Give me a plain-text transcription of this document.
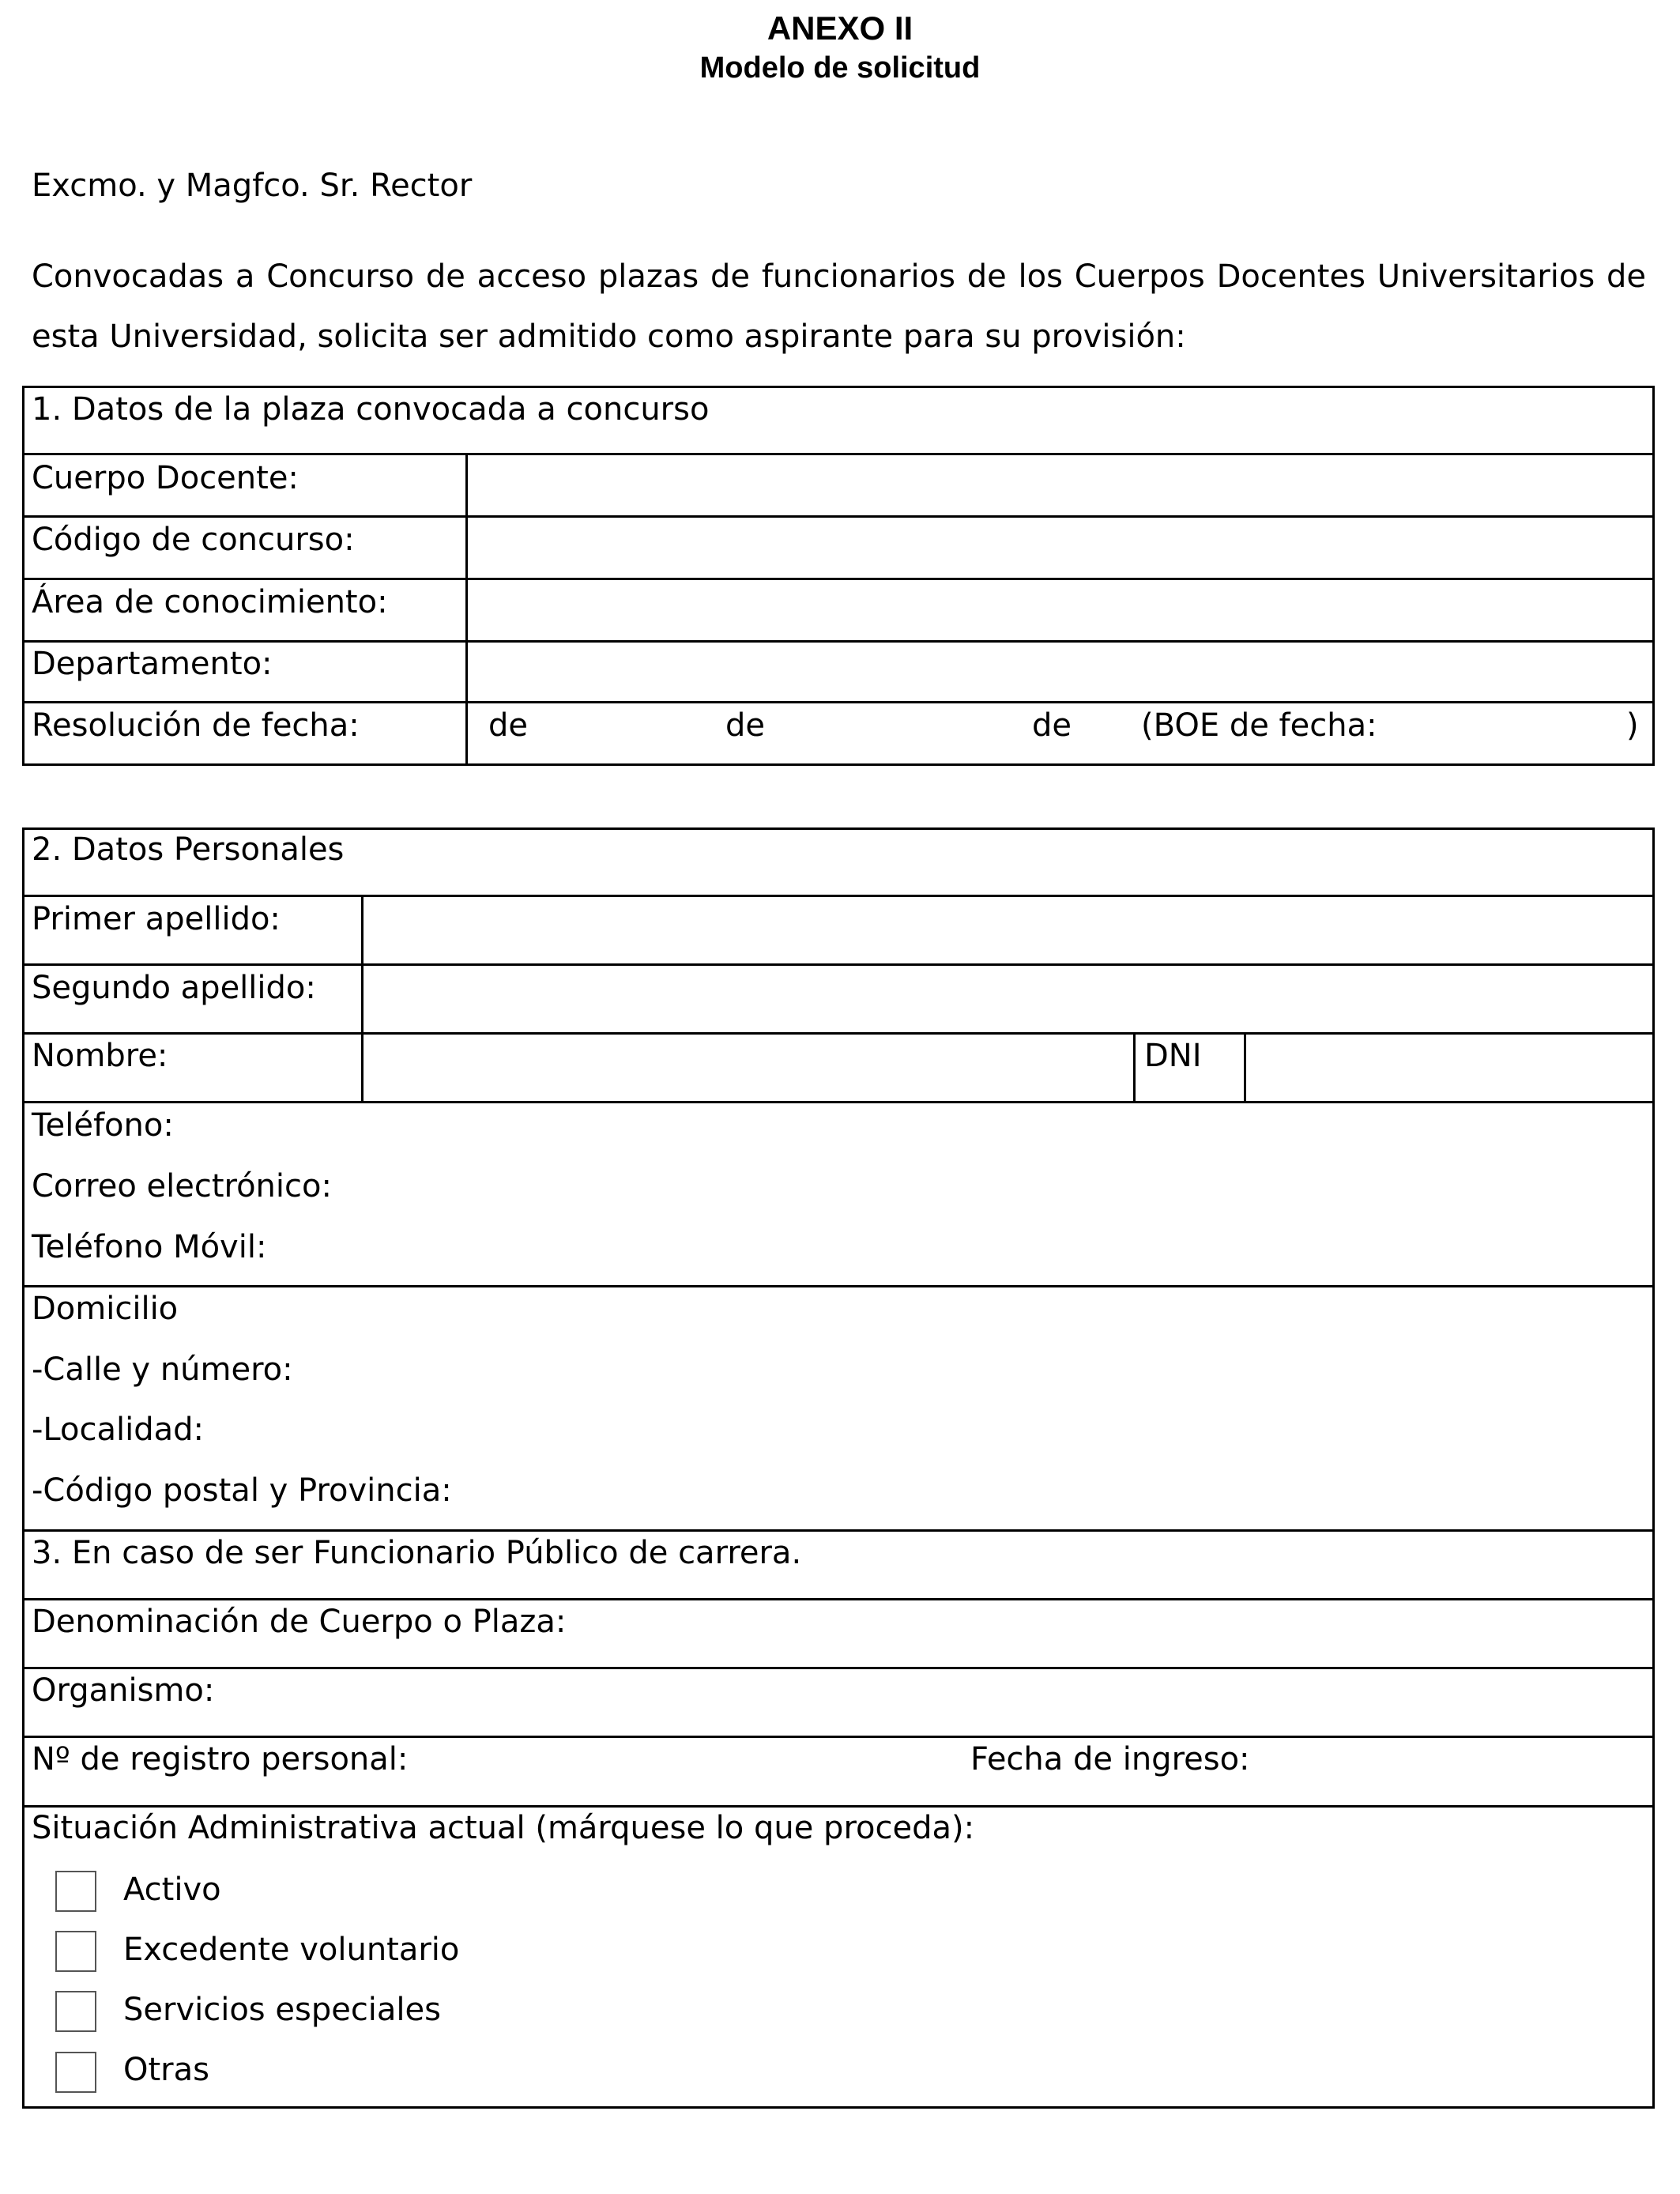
ANEXO II
Modelo de solicitud
Excmo. y Magfco. Sr. Rector
Convocadas a Concurso de acceso plazas de funcionarios de los Cuerpos Docentes Universitarios de esta Universidad, solicita ser admitido como aspirante para su provisión:
1. Datos de la plaza convocada a concurso
Cuerpo Docente:
Código de concurso:
Área de conocimiento:
Departamento:
Resolución de fecha:	de	de	de (BOE de fecha:	)
2. Datos Personales
Primer apellido:
Segundo apellido:
Nombre:	DNI
Teléfono:
Correo electrónico:
Teléfono Móvil:
Domicilio
-Calle y número:
-Localidad:
-Código postal y Provincia:
3. En caso de ser Funcionario Público de carrera.
Denominación de Cuerpo o Plaza:
Organismo:
Nº de registro personal:	Fecha de ingreso:
Situación Administrativa actual (márquese lo que proceda):
Activo
Excedente voluntario
Servicios especiales
Otras
